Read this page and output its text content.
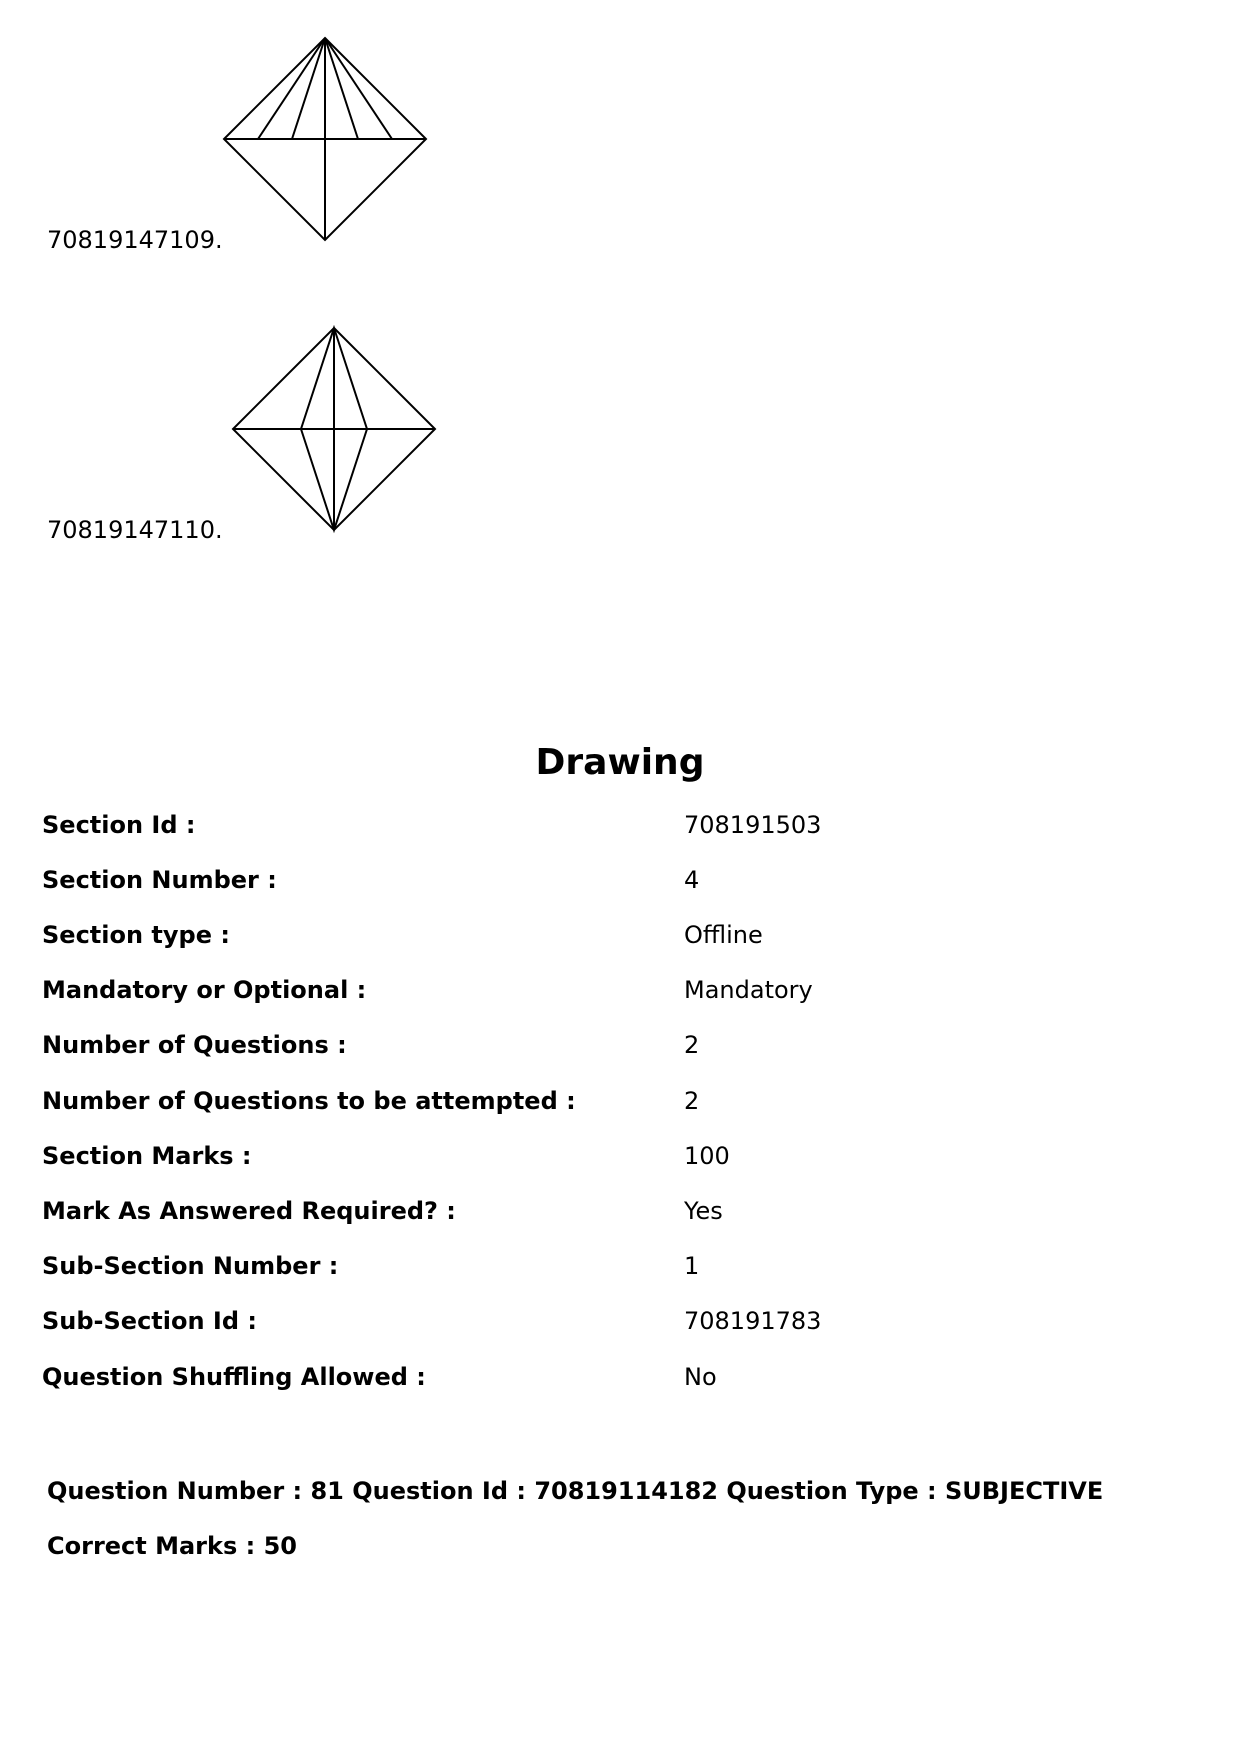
70819147109.
70819147110.
Drawing
Section Id :	708191503
Section Number :	4
Section type :	Offline
Mandatory or Optional :	Mandatory
Number of Questions :	2
Number of Questions to be attempted :	2
Section Marks :	100
Mark As Answered Required? :	Yes
Sub-Section Number :	1
Sub-Section Id :	708191783
Question Shuffling Allowed :	No
Question Number : 81 Question Id : 70819114182 Question Type : SUBJECTIVE
Correct Marks : 50
